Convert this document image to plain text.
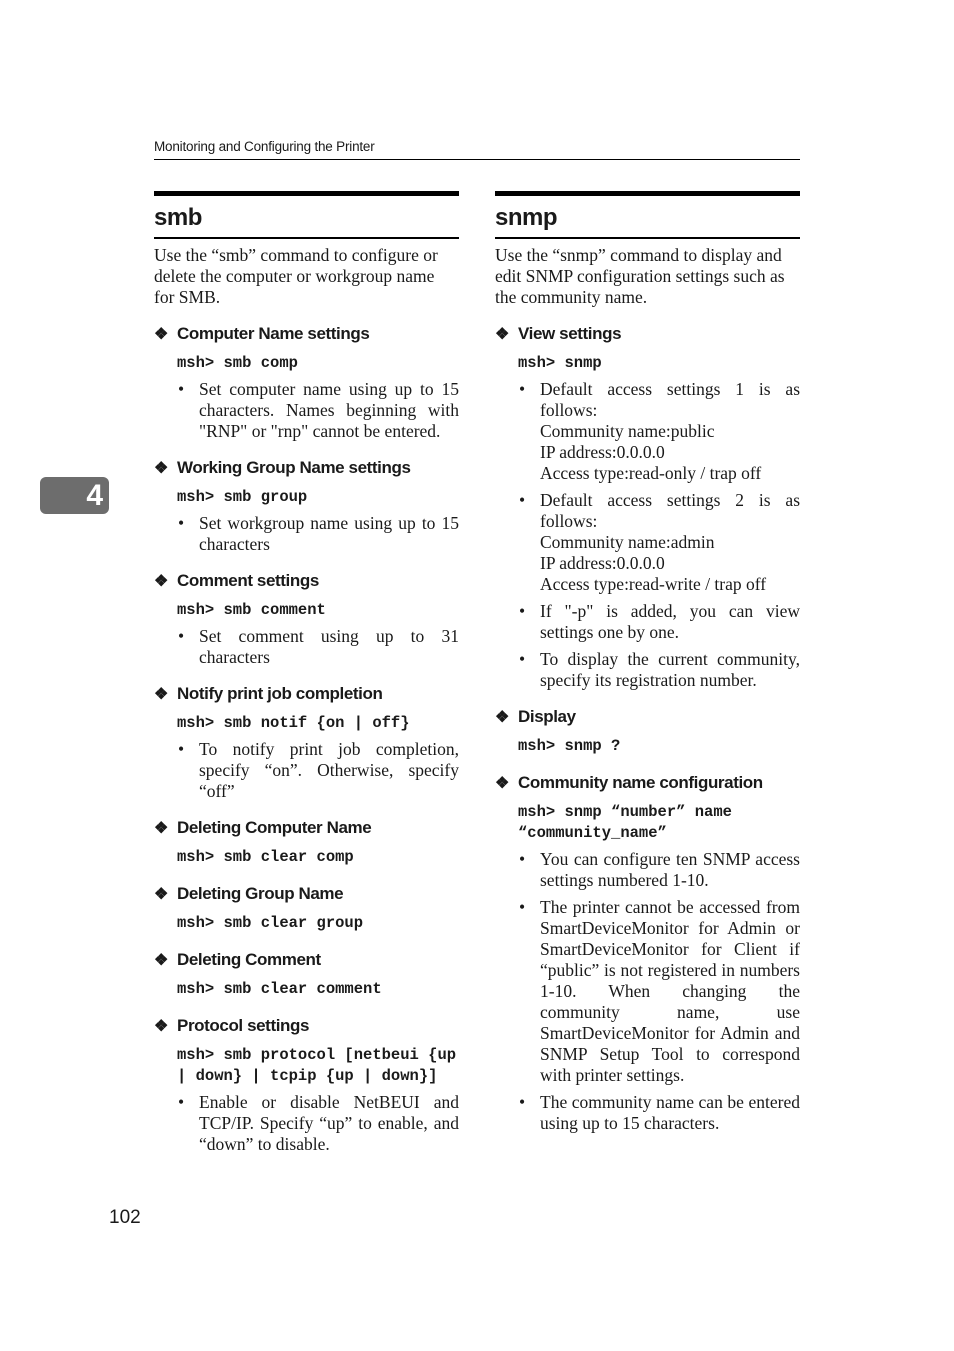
Monitoring and Configuring the Printer
4
smb
Use the “smb” command to configure or delete the computer or workgroup name for SMB.
❖ Computer Name settings
msh> smb comp
• Set computer name using up to 15 characters. Names beginning with "RNP" or "rnp" cannot be entered.
❖ Working Group Name settings
msh> smb group
• Set workgroup name using up to 15 characters
❖ Comment settings
msh> smb comment
• Set comment using up to 31 characters
❖ Notify print job completion
msh> smb notif {on | off}
• To notify print job completion, specify “on”. Otherwise, specify “off”
❖ Deleting Computer Name
msh> smb clear comp
❖ Deleting Group Name
msh> smb clear group
❖ Deleting Comment
msh> smb clear comment
❖ Protocol settings
msh> smb protocol [netbeui {up | down} | tcpip {up | down}]
• Enable or disable NetBEUI and TCP/IP. Specify “up” to enable, and “down” to disable.
snmp
Use the “snmp” command to display and edit SNMP configuration settings such as the community name.
❖ View settings
msh> snmp
• Default access settings 1 is as follows:
Community name:public
IP address:0.0.0.0
Access type:read-only / trap off
• Default access settings 2 is as follows:
Community name:admin
IP address:0.0.0.0
Access type:read-write / trap off
• If "-p" is added, you can view settings one by one.
• To display the current community, specify its registration number.
❖ Display
msh> snmp ?
❖ Community name configuration
msh> snmp “number” name “community_name”
• You can configure ten SNMP access settings numbered 1-10.
• The printer cannot be accessed from SmartDeviceMonitor for Admin or SmartDeviceMonitor for Client if “public” is not registered in numbers 1-10. When changing the community name, use SmartDeviceMonitor for Admin and SNMP Setup Tool to correspond with printer settings.
• The community name can be entered using up to 15 characters.
102
